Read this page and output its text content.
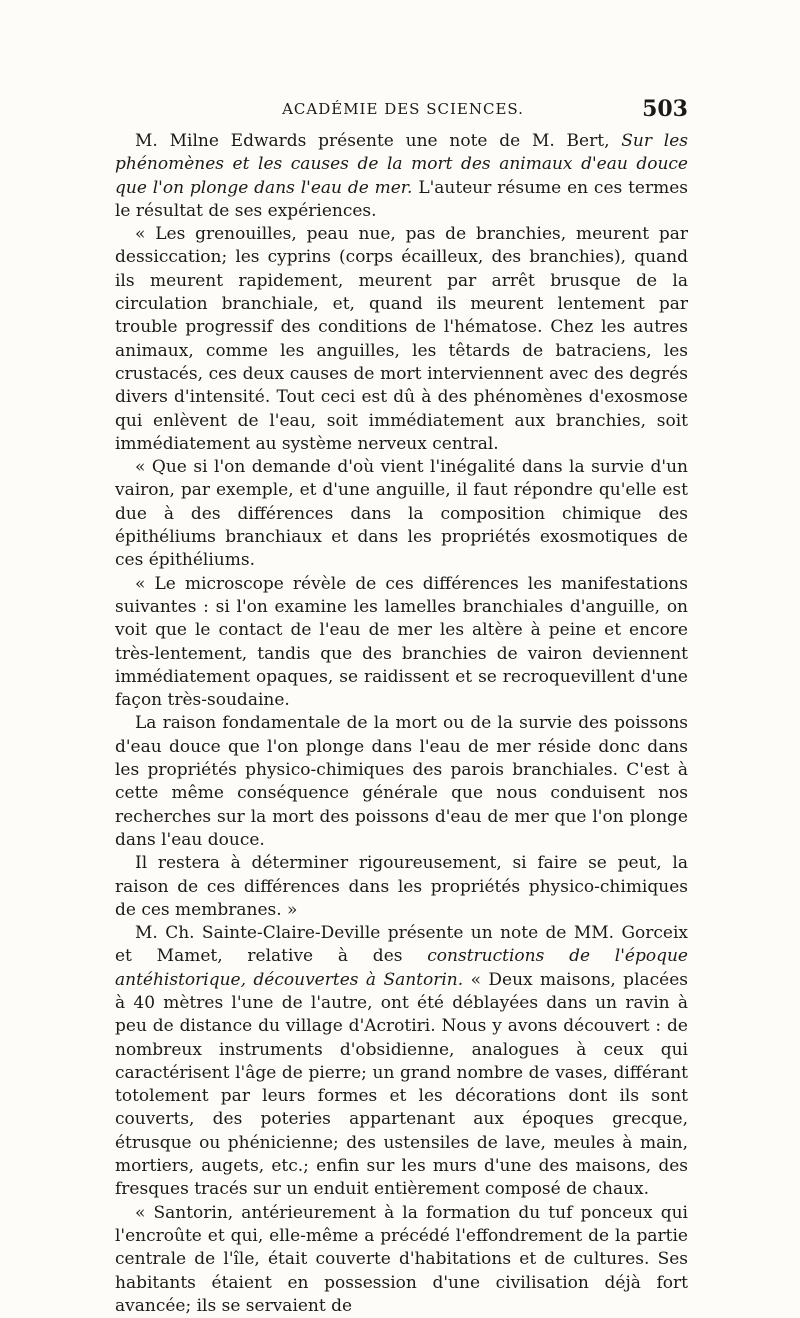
ACADÉMIE DES SCIENCES.	503

M. Milne Edwards présente une note de M. Bert, Sur les phénomènes et les causes de la mort des animaux d'eau douce que l'on plonge dans l'eau de mer. L'auteur résume en ces termes le résultat de ses expériences.

« Les grenouilles, peau nue, pas de branchies, meurent par dessiccation; les cyprins (corps écailleux, des branchies), quand ils meurent rapidement, meurent par arrêt brusque de la circulation branchiale, et, quand ils meurent lentement par trouble progressif des conditions de l'hématose. Chez les autres animaux, comme les anguilles, les têtards de batraciens, les crustacés, ces deux causes de mort interviennent avec des degrés divers d'intensité. Tout ceci est dû à des phénomènes d'exosmose qui enlèvent de l'eau, soit immédiatement aux branchies, soit immédiatement au système nerveux central.

« Que si l'on demande d'où vient l'inégalité dans la survie d'un vairon, par exemple, et d'une anguille, il faut répondre qu'elle est due à des différences dans la composition chimique des épithéliums branchiaux et dans les propriétés exosmotiques de ces épithéliums.

« Le microscope révèle de ces différences les manifestations suivantes : si l'on examine les lamelles branchiales d'anguille, on voit que le contact de l'eau de mer les altère à peine et encore très-lentement, tandis que des branchies de vairon deviennent immédiatement opaques, se raidissent et se recroquevillent d'une façon très-soudaine.

La raison fondamentale de la mort ou de la survie des poissons d'eau douce que l'on plonge dans l'eau de mer réside donc dans les propriétés physico-chimiques des parois branchiales. C'est à cette même conséquence générale que nous conduisent nos recherches sur la mort des poissons d'eau de mer que l'on plonge dans l'eau douce.

Il restera à déterminer rigoureusement, si faire se peut, la raison de ces différences dans les propriétés physico-chimiques de ces membranes. »

M. Ch. Sainte-Claire-Deville présente un note de MM. Gorceix et Mamet, relative à des constructions de l'époque antéhistorique, découvertes à Santorin. « Deux maisons, placées à 40 mètres l'une de l'autre, ont été déblayées dans un ravin à peu de distance du village d'Acrotiri. Nous y avons découvert : de nombreux instruments d'obsidienne, analogues à ceux qui caractérisent l'âge de pierre; un grand nombre de vases, différant totolement par leurs formes et les décorations dont ils sont couverts, des poteries appartenant aux époques grecque, étrusque ou phénicienne; des ustensiles de lave, meules à main, mortiers, augets, etc.; enfin sur les murs d'une des maisons, des fresques tracés sur un enduit entièrement composé de chaux.

« Santorin, antérieurement à la formation du tuf ponceux qui l'encroûte et qui, elle-même a précédé l'effondrement de la partie centrale de l'île, était couverte d'habitations et de cultures. Ses habitants étaient en possession d'une civilisation déjà fort avancée; ils se servaient de
